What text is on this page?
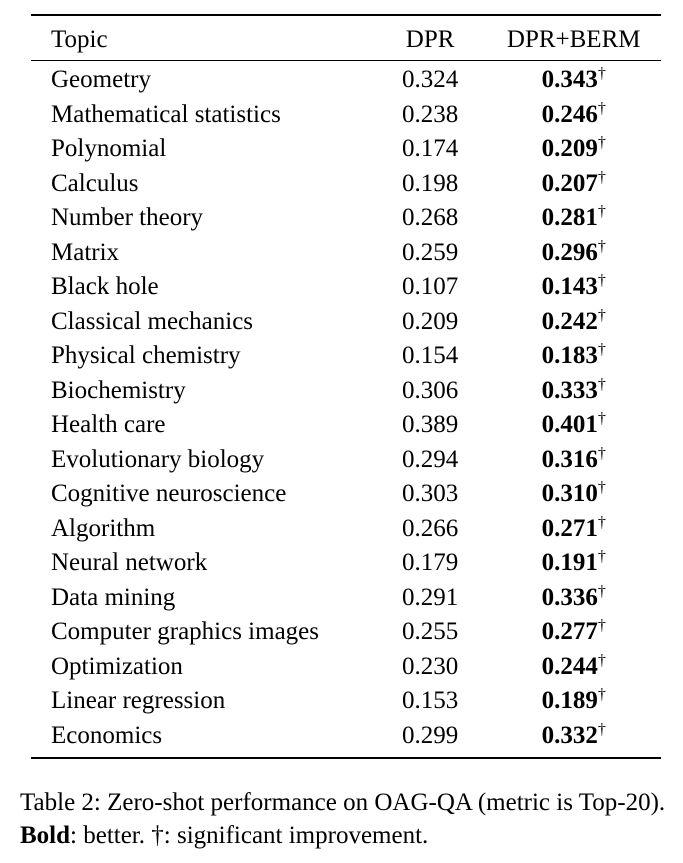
Topic	DPR	DPR+BERM
Geometry	0.324	0.343†
Mathematical statistics	0.238	0.246†
Polynomial	0.174	0.209†
Calculus	0.198	0.207†
Number theory	0.268	0.281†
Matrix	0.259	0.296†
Black hole	0.107	0.143†
Classical mechanics	0.209	0.242†
Physical chemistry	0.154	0.183†
Biochemistry	0.306	0.333†
Health care	0.389	0.401†
Evolutionary biology	0.294	0.316†
Cognitive neuroscience	0.303	0.310†
Algorithm	0.266	0.271†
Neural network	0.179	0.191†
Data mining	0.291	0.336†
Computer graphics images	0.255	0.277†
Optimization	0.230	0.244†
Linear regression	0.153	0.189†
Economics	0.299	0.332†
Table 2: Zero-shot performance on OAG-QA (metric is Top-20). Bold: better. †: significant improvement.
